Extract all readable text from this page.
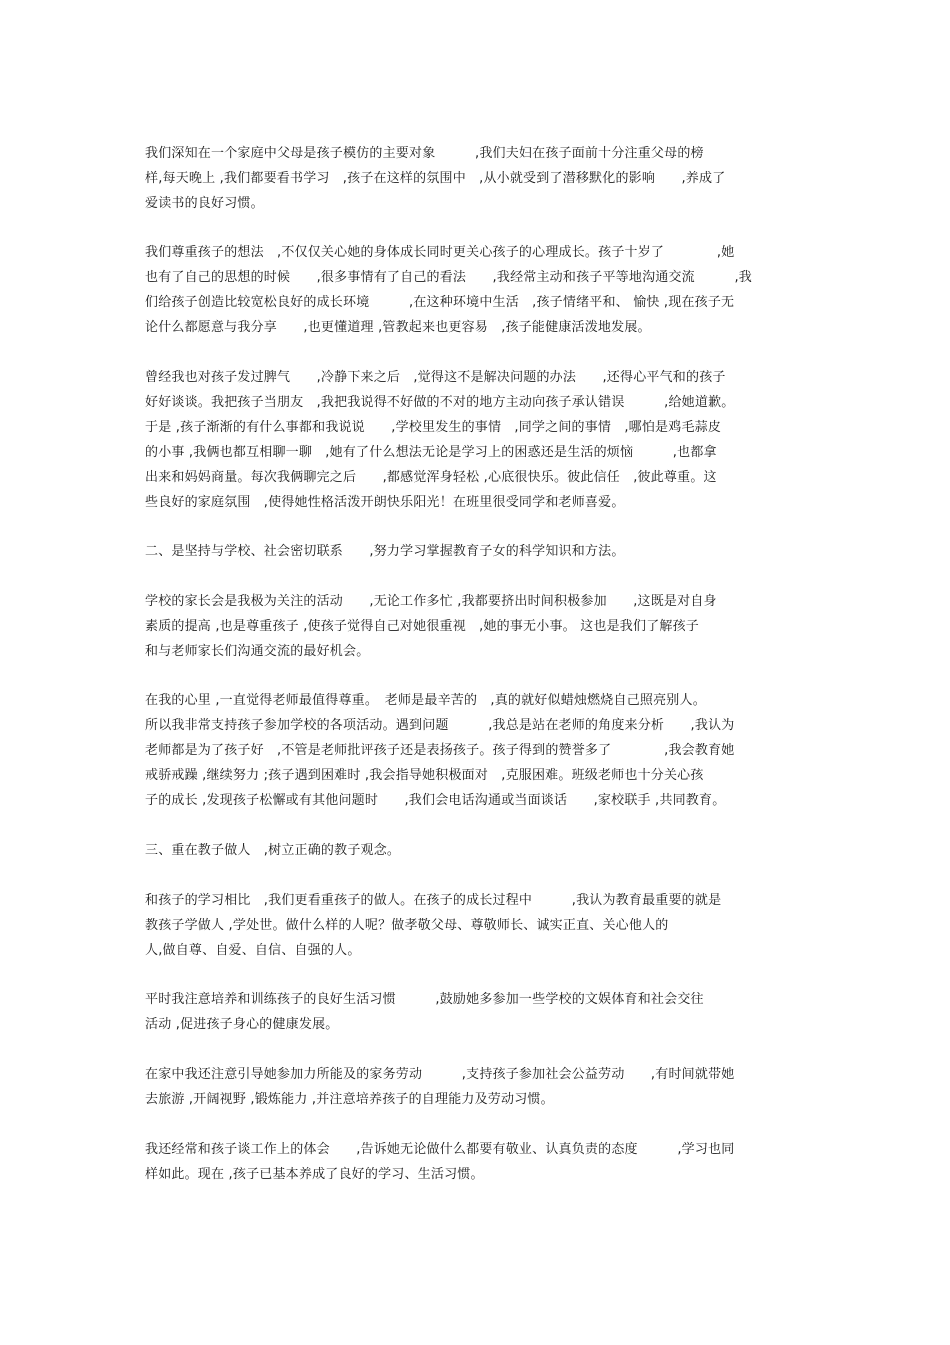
我们深知在一个家庭中父母是孩子模仿的主要对象　　　,我们夫妇在孩子面前十分注重父母的榜
样,每天晚上 ,我们都要看书学习　,孩子在这样的氛围中　,从小就受到了潜移默化的影响　　,养成了
爱读书的良好习惯。
我们尊重孩子的想法　,不仅仅关心她的身体成长同时更关心孩子的心理成长。孩子十岁了　　　　,她
也有了自己的思想的时候　　,很多事情有了自己的看法　　,我经常主动和孩子平等地沟通交流　　　,我
们给孩子创造比较宽松良好的成长环境　　　,在这种环境中生活　,孩子情绪平和、 愉快 ,现在孩子无
论什么都愿意与我分享　　,也更懂道理 ,管教起来也更容易　,孩子能健康活泼地发展。
曾经我也对孩子发过脾气　　,冷静下来之后　,觉得这不是解决问题的办法　　,还得心平气和的孩子
好好谈谈。我把孩子当朋友　,我把我说得不好做的不对的地方主动向孩子承认错误　　　,给她道歉。
于是 ,孩子渐渐的有什么事都和我说说　　,学校里发生的事情　,同学之间的事情　,哪怕是鸡毛蒜皮
的小事 ,我俩也都互相聊一聊　,她有了什么想法无论是学习上的困惑还是生活的烦恼　　　,也都拿
出来和妈妈商量。每次我俩聊完之后　　,都感觉浑身轻松 ,心底很快乐。彼此信任　,彼此尊重。这
些良好的家庭氛围　,使得她性格活泼开朗快乐阳光！在班里很受同学和老师喜爱。
二、是坚持与学校、社会密切联系　　,努力学习掌握教育子女的科学知识和方法。
学校的家长会是我极为关注的活动　　,无论工作多忙 ,我都要挤出时间积极参加　　,这既是对自身
素质的提高 ,也是尊重孩子 ,使孩子觉得自己对她很重视　,她的事无小事。 这也是我们了解孩子
和与老师家长们沟通交流的最好机会。
在我的心里 ,一直觉得老师最值得尊重。　老师是最辛苦的　,真的就好似蜡烛燃烧自己照亮别人。
所以我非常支持孩子参加学校的各项活动。遇到问题　　　,我总是站在老师的角度来分析　　,我认为
老师都是为了孩子好　,不管是老师批评孩子还是表扬孩子。孩子得到的赞誉多了　　　　,我会教育她
戒骄戒躁 ,继续努力 ;孩子遇到困难时 ,我会指导她积极面对　,克服困难。班级老师也十分关心孩
子的成长 ,发现孩子松懈或有其他问题时　　,我们会电话沟通或当面谈话　　,家校联手 ,共同教育。
三、重在教子做人　,树立正确的教子观念。
和孩子的学习相比　,我们更看重孩子的做人。在孩子的成长过程中　　　,我认为教育最重要的就是
教孩子学做人 ,学处世。做什么样的人呢？做孝敬父母、尊敬师长、诚实正直、关心他人的
人,做自尊、自爱、自信、自强的人。
平时我注意培养和训练孩子的良好生活习惯　　　,鼓励她多参加一些学校的文娱体育和社会交往
活动 ,促进孩子身心的健康发展。
在家中我还注意引导她参加力所能及的家务劳动　　　,支持孩子参加社会公益劳动　　,有时间就带她
去旅游 ,开阔视野 ,锻炼能力 ,并注意培养孩子的自理能力及劳动习惯。
我还经常和孩子谈工作上的体会　　,告诉她无论做什么都要有敬业、认真负责的态度　　　,学习也同
样如此。现在 ,孩子已基本养成了良好的学习、生活习惯。
